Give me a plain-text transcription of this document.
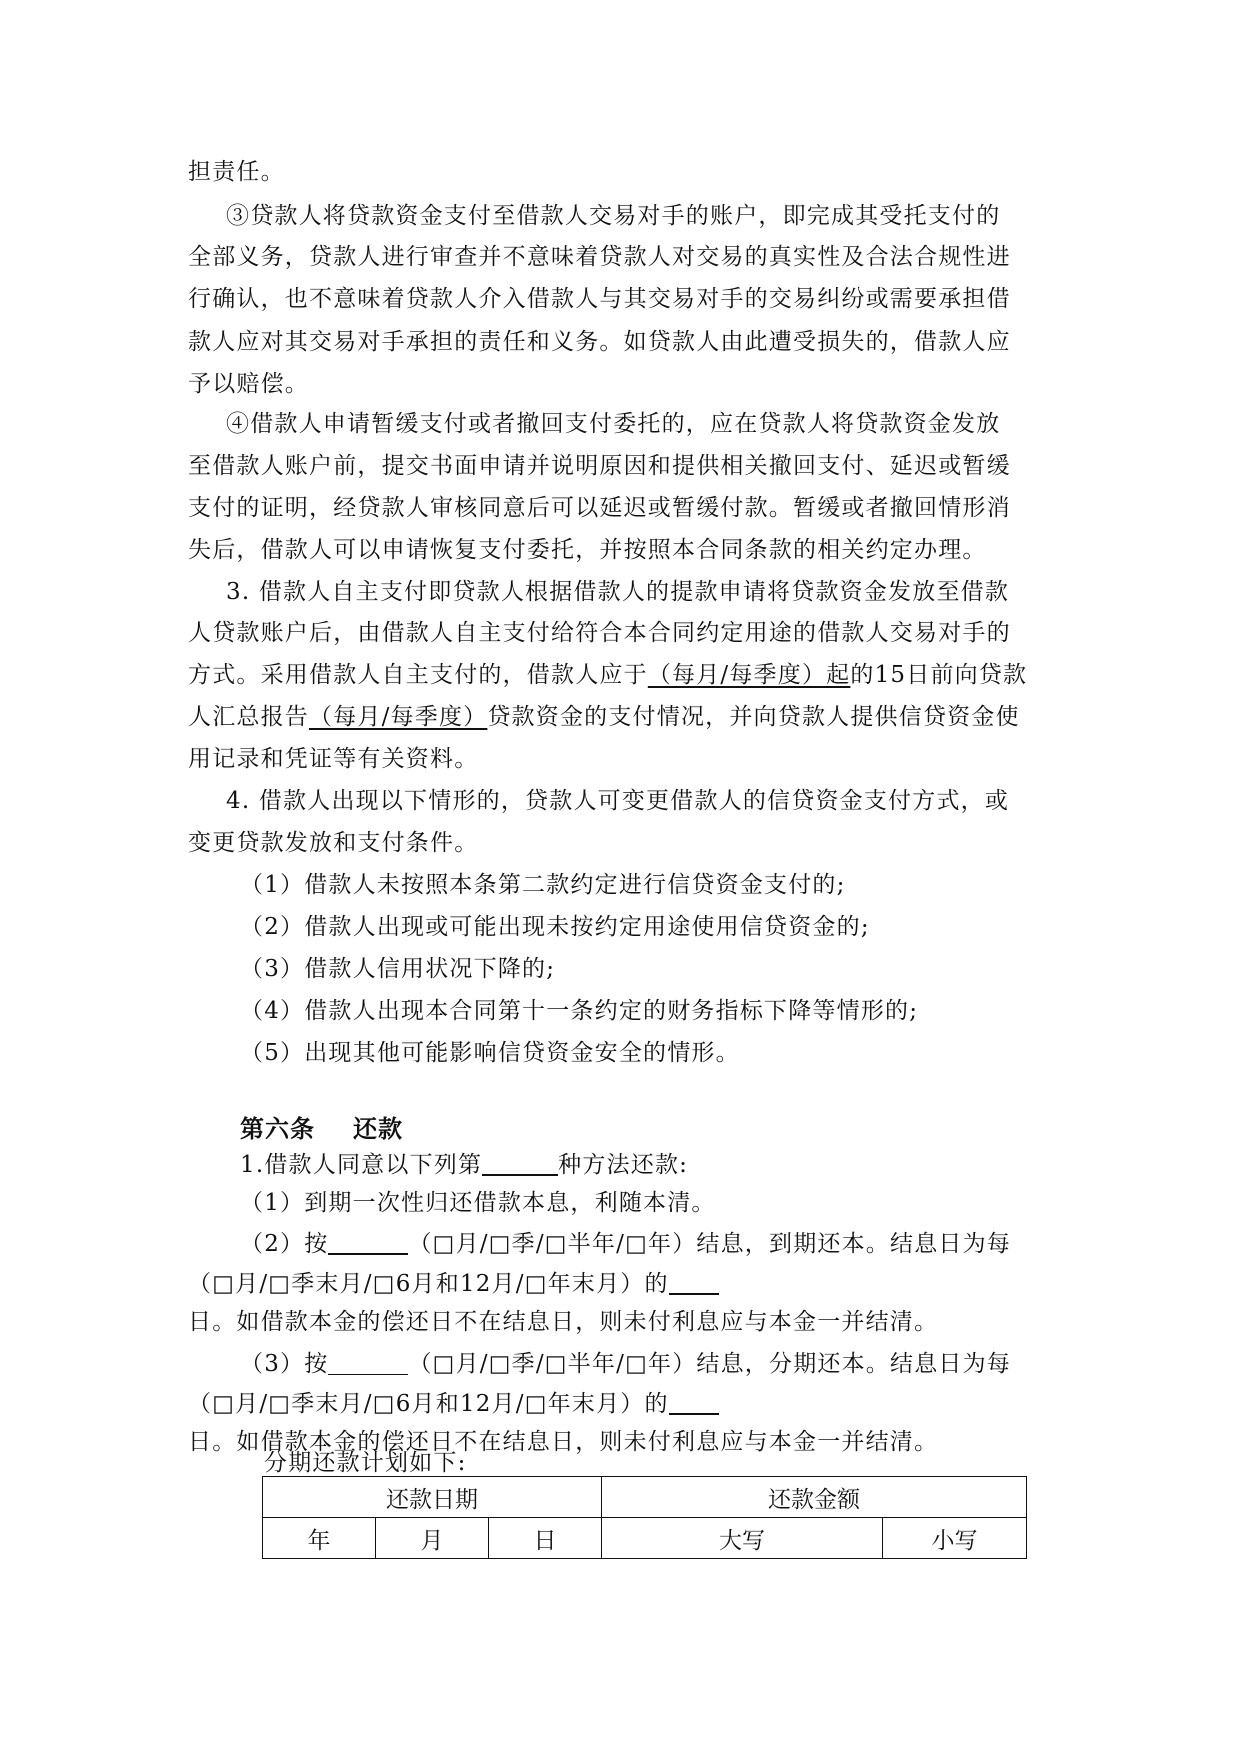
担责任。
③贷款人将贷款资金支付至借款人交易对手的账户，即完成其受托支付的
全部义务，贷款人进行审查并不意味着贷款人对交易的真实性及合法合规性进
行确认，也不意味着贷款人介入借款人与其交易对手的交易纠纷或需要承担借
款人应对其交易对手承担的责任和义务。如贷款人由此遭受损失的，借款人应
予以赔偿。
④借款人申请暂缓支付或者撤回支付委托的，应在贷款人将贷款资金发放
至借款人账户前，提交书面申请并说明原因和提供相关撤回支付、延迟或暂缓
支付的证明，经贷款人审核同意后可以延迟或暂缓付款。暂缓或者撤回情形消
失后，借款人可以申请恢复支付委托，并按照本合同条款的相关约定办理。
3. 借款人自主支付即贷款人根据借款人的提款申请将贷款资金发放至借款
人贷款账户后，由借款人自主支付给符合本合同约定用途的借款人交易对手的
方式。采用借款人自主支付的，借款人应于（每月/每季度）起的15日前向贷款
人汇总报告（每月/每季度）贷款资金的支付情况，并向贷款人提供信贷资金使
用记录和凭证等有关资料。
4. 借款人出现以下情形的，贷款人可变更借款人的信贷资金支付方式，或
变更贷款发放和支付条件。
（1）借款人未按照本条第二款约定进行信贷资金支付的;
（2）借款人出现或可能出现未按约定用途使用信贷资金的;
（3）借款人信用状况下降的;
（4）借款人出现本合同第十一条约定的财务指标下降等情形的;
（5）出现其他可能影响信贷资金安全的情形。
第六条 还款
1.借款人同意以下列第	种方法还款:
（1）到期一次性归还借款本息，利随本清。
（2）按	（□月/□季/□半年/□年）结息，到期还本。结息日为每
（□月/□季末月/□6月和12月/□年末月）的
日。如借款本金的偿还日不在结息日，则未付利息应与本金一并结清。
（3）按	（□月/□季/□半年/□年）结息，分期还本。结息日为每
（□月/□季末月/□6月和12月/□年末月）的
日。如借款本金的偿还日不在结息日，则未付利息应与本金一并结清。
分期还款计划如下:
还款日期			还款金额	
年	月	日	大写	小写
